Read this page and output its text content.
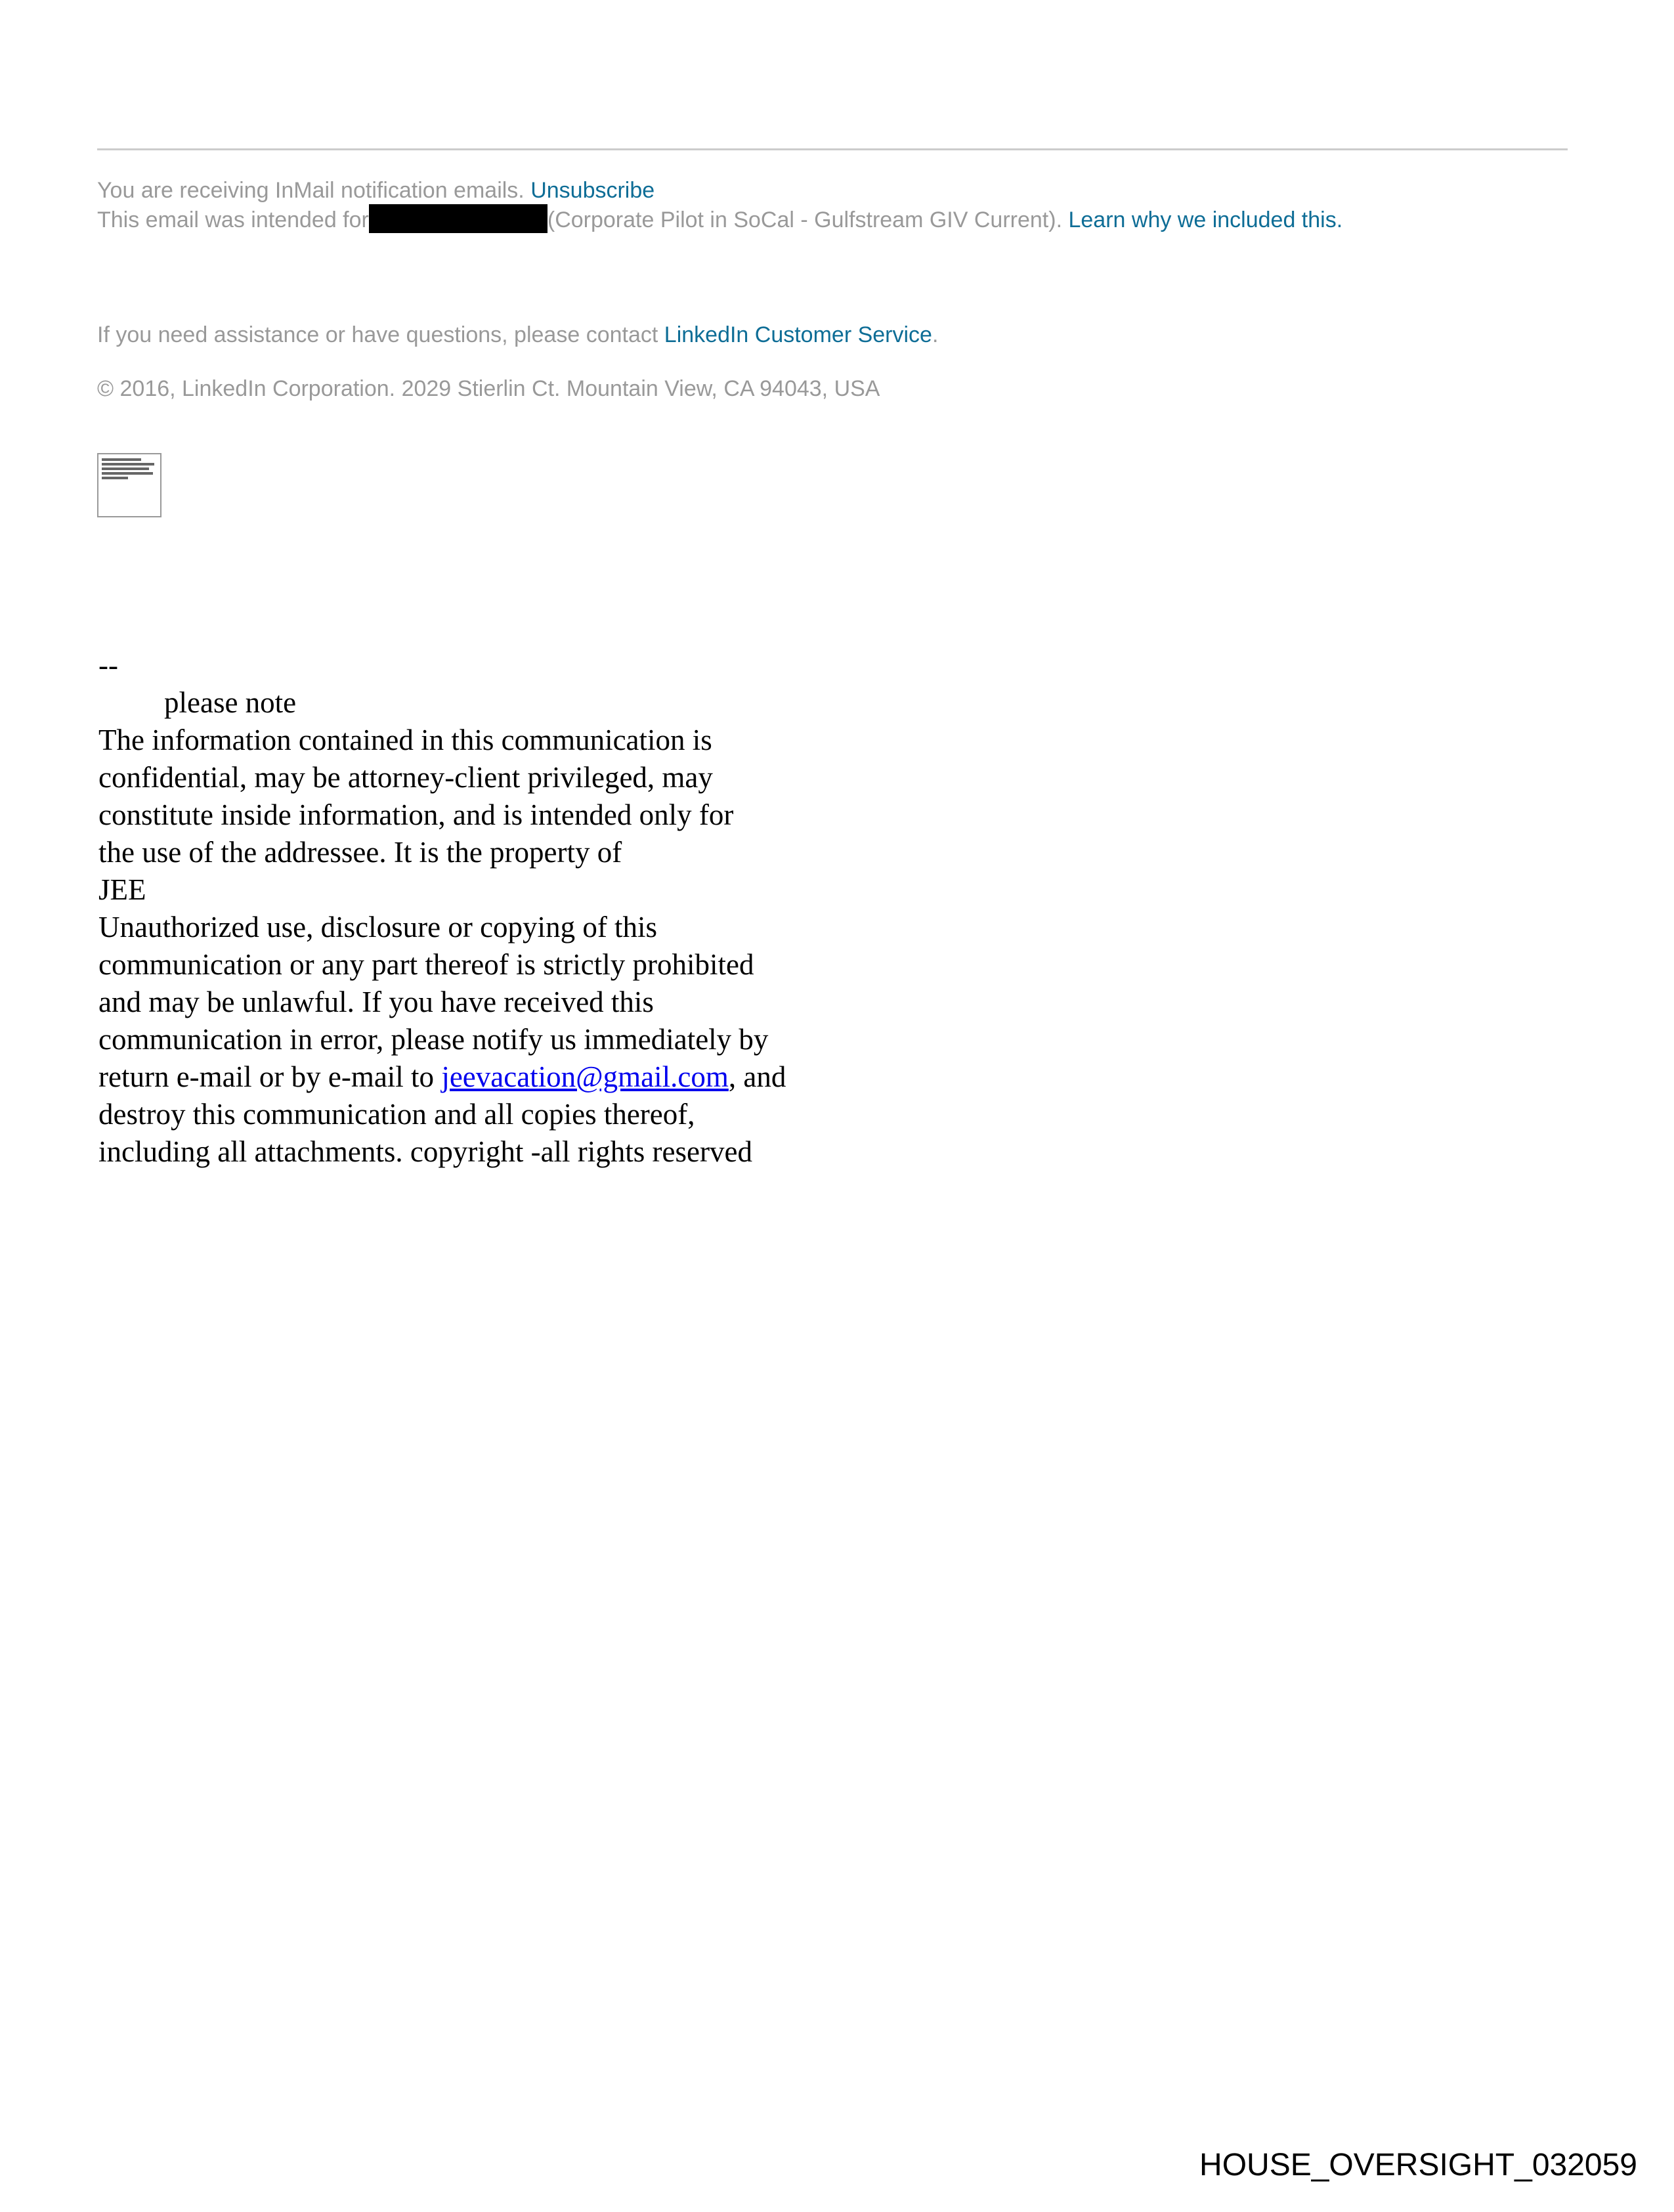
You are receiving InMail notification emails. Unsubscribe
This email was intended for	(Corporate Pilot in SoCal - Gulfstream GIV Current). Learn why we included this.
If you need assistance or have questions, please contact LinkedIn Customer Service.
© 2016, LinkedIn Corporation. 2029 Stierlin Ct. Mountain View, CA 94043, USA
--
please note
The information contained in this communication is
confidential, may be attorney-client privileged, may
constitute inside information, and is intended only for
the use of the addressee. It is the property of
JEE
Unauthorized use, disclosure or copying of this
communication or any part thereof is strictly prohibited
and may be unlawful. If you have received this
communication in error, please notify us immediately by
return e-mail or by e-mail to jeevacation@gmail.com, and
destroy this communication and all copies thereof,
including all attachments. copyright -all rights reserved
HOUSE_OVERSIGHT_032059
